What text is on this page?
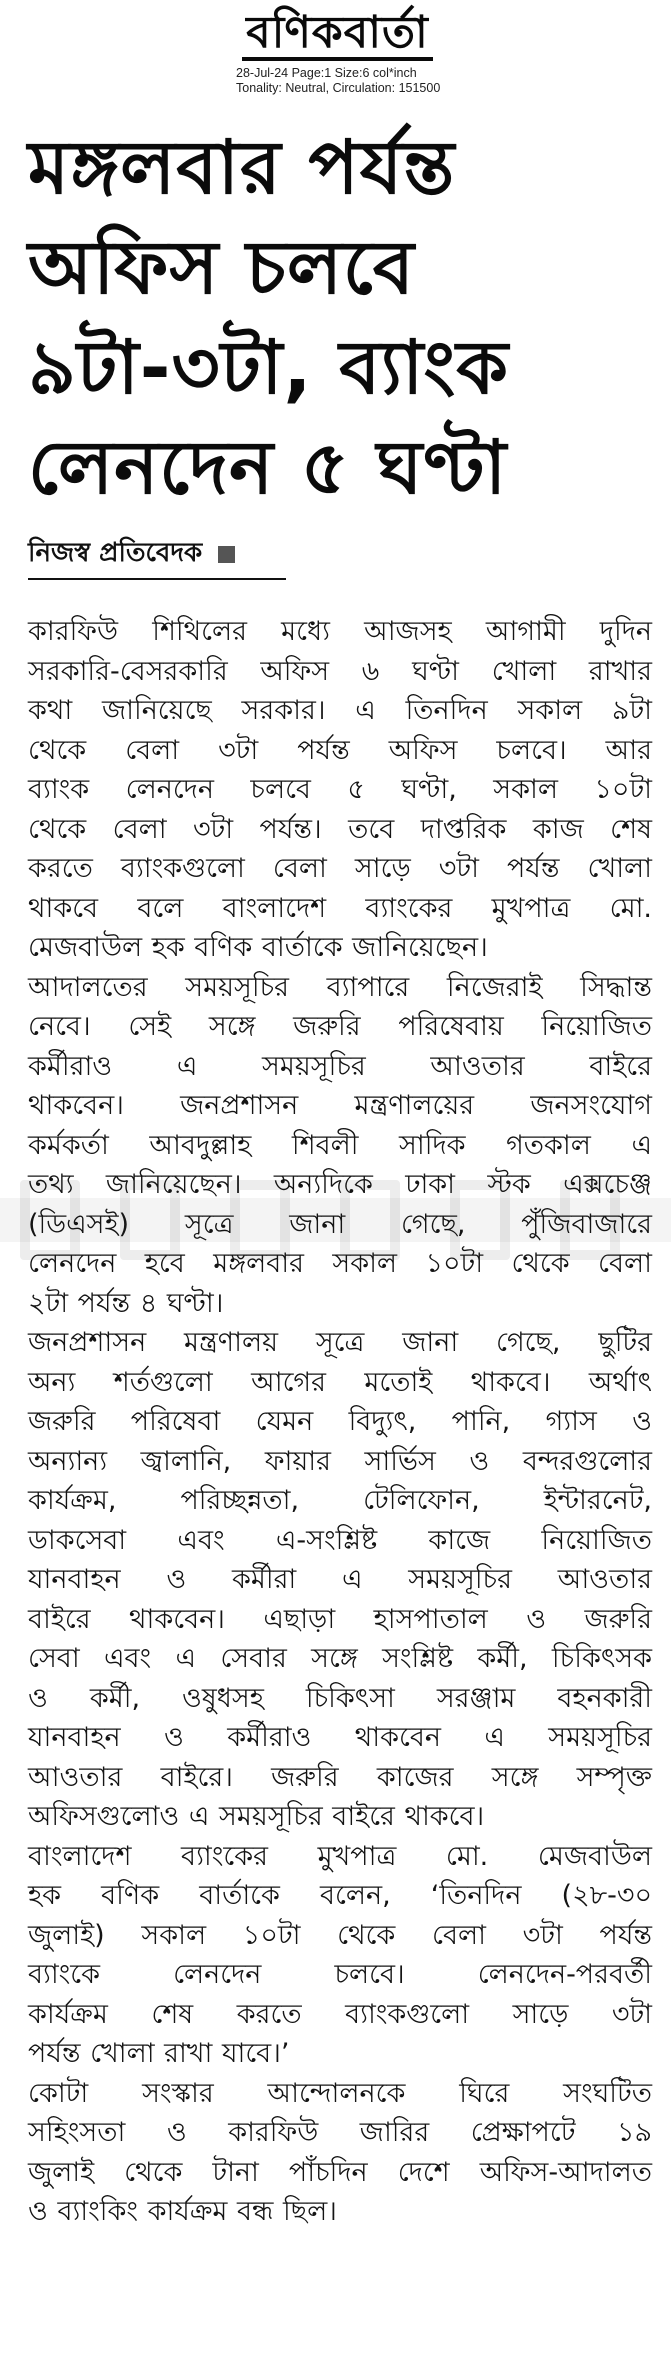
বণিকবার্তা
28-Jul-24 Page:1 Size:6 col*inch
Tonality: Neutral, Circulation: 151500
মঙ্গলবার পর্যন্ত
অফিস চলবে
৯টা-৩টা, ব্যাংক
লেনদেন ৫ ঘণ্টা
নিজস্ব প্রতিবেদক

কারফিউ শিথিলের মধ্যে আজসহ আগামী দুদিন
সরকারি-বেসরকারি অফিস ৬ ঘণ্টা খোলা রাখার
কথা জানিয়েছে সরকার। এ তিনদিন সকাল ৯টা
থেকে বেলা ৩টা পর্যন্ত অফিস চলবে। আর
ব্যাংক লেনদেন চলবে ৫ ঘণ্টা, সকাল ১০টা
থেকে বেলা ৩টা পর্যন্ত। তবে দাপ্তরিক কাজ শেষ
করতে ব্যাংকগুলো বেলা সাড়ে ৩টা পর্যন্ত খোলা
থাকবে বলে বাংলাদেশ ব্যাংকের মুখপাত্র মো.
মেজবাউল হক বণিক বার্তাকে জানিয়েছেন।

আদালতের সময়সূচির ব্যাপারে নিজেরাই সিদ্ধান্ত
নেবে। সেই সঙ্গে জরুরি পরিষেবায় নিয়োজিত
কর্মীরাও এ সময়সূচির আওতার বাইরে
থাকবেন। জনপ্রশাসন মন্ত্রণালয়ের জনসংযোগ
কর্মকর্তা আবদুল্লাহ শিবলী সাদিক গতকাল এ
তথ্য জানিয়েছেন। অন্যদিকে ঢাকা স্টক এক্সচেঞ্জ
(ডিএসই) সূত্রে জানা গেছে, পুঁজিবাজারে
লেনদেন হবে মঙ্গলবার সকাল ১০টা থেকে বেলা
২টা পর্যন্ত ৪ ঘণ্টা।

জনপ্রশাসন মন্ত্রণালয় সূত্রে জানা গেছে, ছুটির
অন্য শর্তগুলো আগের মতোই থাকবে। অর্থাৎ
জরুরি পরিষেবা যেমন বিদ্যুৎ, পানি, গ্যাস ও
অন্যান্য জ্বালানি, ফায়ার সার্ভিস ও বন্দরগুলোর
কার্যক্রম, পরিচ্ছন্নতা, টেলিফোন, ইন্টারনেট,
ডাকসেবা এবং এ-সংশ্লিষ্ট কাজে নিয়োজিত
যানবাহন ও কর্মীরা এ সময়সূচির আওতার
বাইরে থাকবেন। এছাড়া হাসপাতাল ও জরুরি
সেবা এবং এ সেবার সঙ্গে সংশ্লিষ্ট কর্মী, চিকিৎসক
ও কর্মী, ওষুধসহ চিকিৎসা সরঞ্জাম বহনকারী
যানবাহন ও কর্মীরাও থাকবেন এ সময়সূচির
আওতার বাইরে। জরুরি কাজের সঙ্গে সম্পৃক্ত
অফিসগুলোও এ সময়সূচির বাইরে থাকবে।

বাংলাদেশ ব্যাংকের মুখপাত্র মো. মেজবাউল
হক বণিক বার্তাকে বলেন, ‘তিনদিন (২৮-৩০
জুলাই) সকাল ১০টা থেকে বেলা ৩টা পর্যন্ত
ব্যাংকে লেনদেন চলবে। লেনদেন-পরবর্তী
কার্যক্রম শেষ করতে ব্যাংকগুলো সাড়ে ৩টা
পর্যন্ত খোলা রাখা যাবে।’

কোটা সংস্কার আন্দোলনকে ঘিরে সংঘটিত
সহিংসতা ও কারফিউ জারির প্রেক্ষাপটে ১৯
জুলাই থেকে টানা পাঁচদিন দেশে অফিস-আদালত
ও ব্যাংকিং কার্যক্রম বন্ধ ছিল।
